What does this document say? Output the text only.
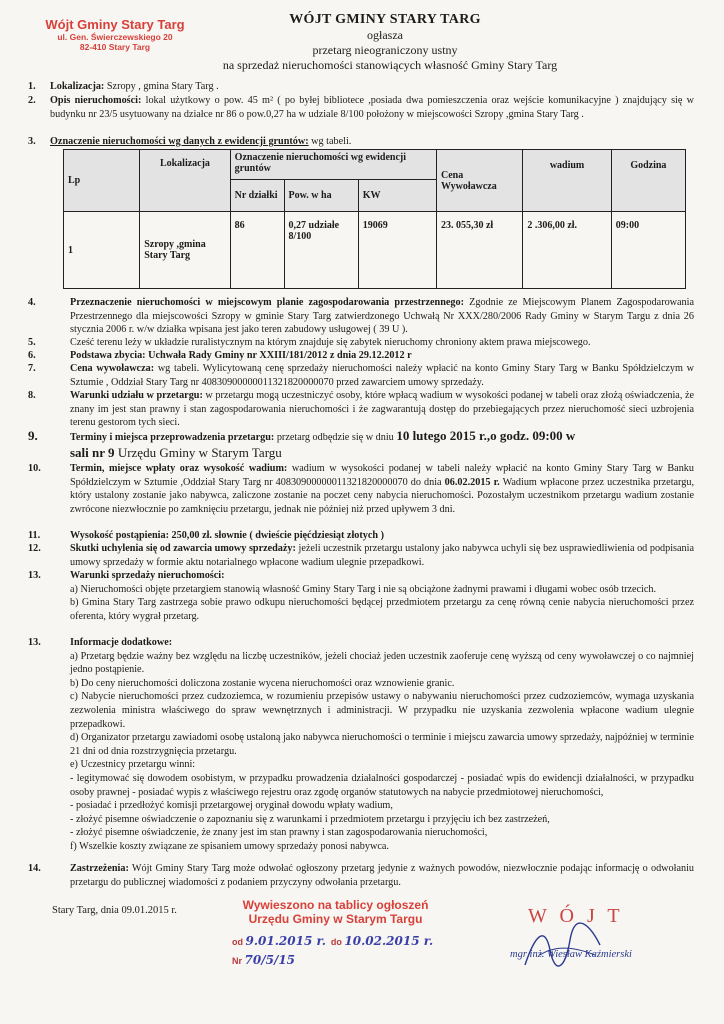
Wójt Gminy Stary Targ
ul. Gen. Świerczewskiego 20
82-410 Stary Targ
WÓJT GMINY STARY TARG
ogłasza
przetarg nieograniczony ustny
na sprzedaż nieruchomości stanowiących własność Gminy Stary Targ
1. Lokalizacja: Szropy , gmina Stary Targ .
2. Opis nieruchomości: lokal użytkowy o pow. 45 m² ( po byłej bibliotece ,posiada dwa pomieszczenia oraz wejście komunikacyjne ) znajdujący się w budynku nr 23/5 usytuowany na działce nr 86 o pow.0,27 ha w udziale 8/100 położony w miejscowości Szropy ,gmina Stary Targ .
3. Oznaczenie nieruchomości wg danych z ewidencji gruntów: wg tabeli.
Lp	Lokalizacja	Oznaczenie nieruchomości wg ewidencji gruntów			Cena Wywoławcza	wadium	Godzina
		Nr działki	Pow. w ha	KW			
1	Szropy ,gmina Stary Targ	86	0,27 udziałe 8/100	19069	23. 055,30 zł	2 .306,00 zł.	09:00
4.	Przeznaczenie nieruchomości w miejscowym planie zagospodarowania przestrzennego: Zgodnie ze Miejscowym Planem Zagospodarowania Przestrzennego dla miejscowości Szropy w gminie Stary Targ zatwierdzonego Uchwałą Nr XXX/280/2006 Rady Gminy w Starym Targu z dnia 26 stycznia 2006 r. w/w działka wpisana jest jako teren zabudowy usługowej ( 39 U ).
5.	Cześć terenu leży w układzie ruralistycznym na którym znajduje się zabytek nieruchomy chroniony aktem prawa miejscowego.
6.	Podstawa zbycia: Uchwała Rady Gminy nr XXIII/181/2012 z dnia 29.12.2012 r
7.	Cena wywoławcza: wg tabeli. Wylicytowaną cenę sprzedaży nieruchomości należy wpłacić na konto Gminy Stary Targ w Banku Spółdzielczym w Sztumie , Oddział Stary Targ nr 40830900000011321820000070 przed zawarciem umowy sprzedaży.
8.	Warunki udziału w przetargu: w przetargu mogą uczestniczyć osoby, które wpłacą wadium w wysokości podanej w tabeli oraz złożą oświadczenia, że znany im jest stan prawny i stan zagospodarowania nieruchomości i że zagwarantują dostęp do przebiegających przez nieruchomość sieci uzbrojenia terenu gestorom tych sieci.
9.	Terminy i miejsca przeprowadzenia przetargu: przetarg odbędzie się w dniu 10 lutego 2015 r.,o godz. 09:00 w
sali nr 9 Urzędu Gminy w Starym Targu
10.	Termin, miejsce wpłaty oraz wysokość wadium: wadium w wysokości podanej w tabeli należy wpłacić na konto Gminy Stary Targ w Banku Spółdzielczym w Sztumie ,Oddział Stary Targ nr 40830900000011321820000070 do dnia 06.02.2015 r. Wadium wpłacone przez uczestnika przetargu, który ustalony zostanie jako nabywca, zaliczone zostanie na poczet ceny nabycia nieruchomości. Pozostałym uczestnikom przetargu wadium zostanie zwrócone niezwłocznie po zamknięciu przetargu, jednak nie później niż przed upływem 3 dni.
11.	Wysokość postąpienia: 250,00 zł. słownie ( dwieście pięćdziesiąt złotych )
12.	Skutki uchylenia się od zawarcia umowy sprzedaży: jeżeli uczestnik przetargu ustalony jako nabywca uchyli się bez usprawiedliwienia od podpisania umowy sprzedaży w formie aktu notarialnego wpłacone wadium ulegnie przepadkowi.
13.	Warunki sprzedaży nieruchomości:
a) Nieruchomości objęte przetargiem stanowią własność Gminy Stary Targ i nie są obciążone żadnymi prawami i długami wobec osób trzecich.
b) Gmina Stary Targ zastrzega sobie prawo odkupu nieruchomości będącej przedmiotem przetargu za cenę równą cenie nabycia nieruchomości przez oferenta, który wygrał przetarg.
13.	Informacje dodatkowe:
a) Przetarg będzie ważny bez względu na liczbę uczestników, jeżeli chociaż jeden uczestnik zaoferuje cenę wyższą od ceny wywoławczej o co najmniej jedno postąpienie.
b) Do ceny nieruchomości doliczona zostanie wycena nieruchomości oraz wznowienie granic.
c) Nabycie nieruchomości przez cudzoziemca, w rozumieniu przepisów ustawy o nabywaniu nieruchomości przez cudzoziemców, wymaga uzyskania zezwolenia ministra właściwego do spraw wewnętrznych i administracji. W przypadku nie uzyskania zezwolenia wpłacone wadium ulegnie przepadkowi.
d) Organizator przetargu zawiadomi osobę ustaloną jako nabywca nieruchomości o terminie i miejscu zawarcia umowy sprzedaży, najpóźniej w terminie 21 dni od dnia rozstrzygnięcia przetargu.
e) Uczestnicy przetargu winni:
- legitymować się dowodem osobistym, w przypadku prowadzenia działalności gospodarczej - posiadać wpis do ewidencji działalności, w przypadku osoby prawnej - posiadać wypis z właściwego rejestru oraz zgodę organów statutowych na nabycie przedmiotowej nieruchomości,
- posiadać i przedłożyć komisji przetargowej oryginał dowodu wpłaty wadium,
- złożyć pisemne oświadczenie o zapoznaniu się z warunkami i przedmiotem przetargu i przyjęciu ich bez zastrzeżeń,
- złożyć pisemne oświadczenie, że znany jest im stan prawny i stan zagospodarowania nieruchomości,
f) Wszelkie koszty związane ze spisaniem umowy sprzedaży ponosi nabywca.
14.	Zastrzeżenia: Wójt Gminy Stary Targ może odwołać ogłoszony przetarg jedynie z ważnych powodów, niezwłocznie podając informację o odwołaniu przetargu do publicznej wiadomości z podaniem przyczyny odwołania przetargu.
Stary Targ, dnia 09.01.2015 r.	Wywieszono na tablicy ogłoszeń
Urzędu Gminy w Starym Targu
od 9.01.2015 r.  do 10.02.2015 r.
Nr 70/5/15
W Ó J T
mgr inż. Wiesław Kaźmierski
